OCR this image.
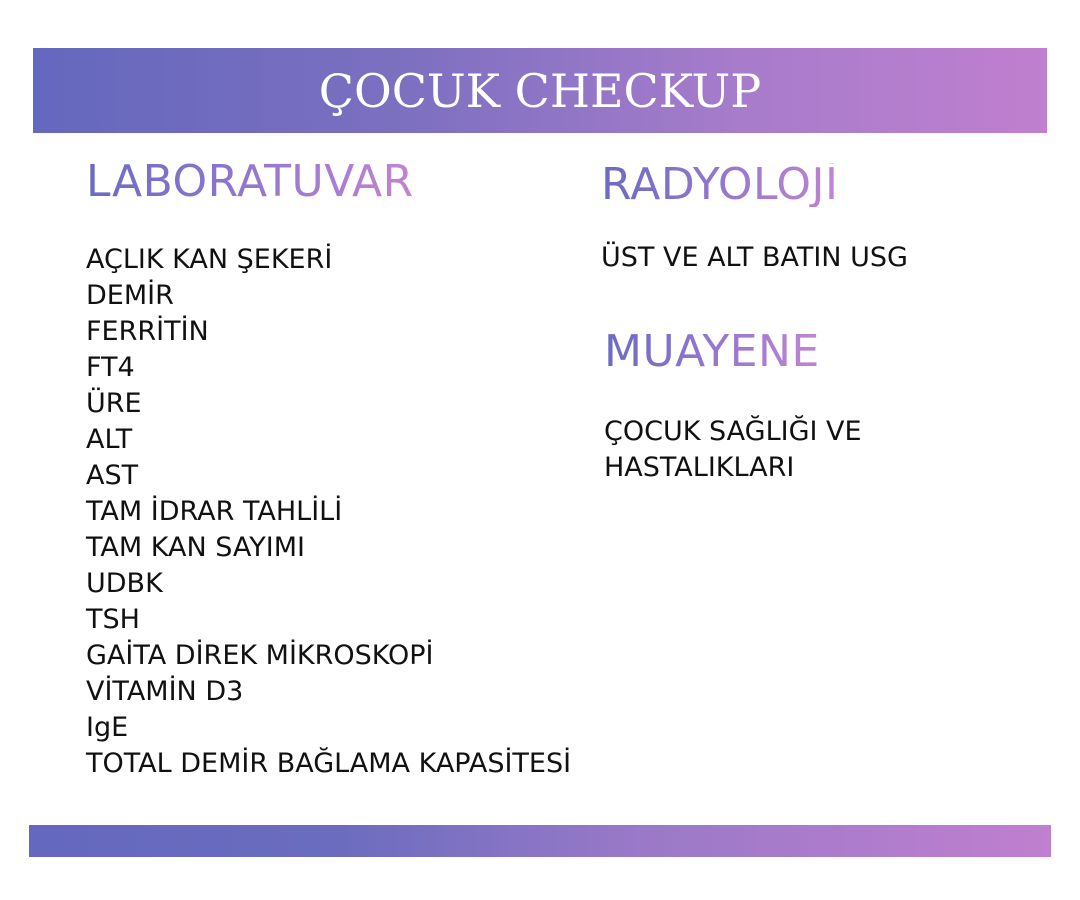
ÇOCUK CHECKUP
LABORATUVAR
AÇLIK KAN ŞEKERİ
DEMİR
FERRİTİN
FT4
ÜRE
ALT
AST
TAM İDRAR TAHLİLİ
TAM KAN SAYIMI
UDBK
TSH
GAİTA DİREK MİKROSKOPİ
VİTAMİN D3
IgE
TOTAL DEMİR BAĞLAMA KAPASİTESİ
RADYOLOJİ
ÜST VE ALT BATIN USG
MUAYENE
ÇOCUK SAĞLIĞI VE
HASTALIKLARI
